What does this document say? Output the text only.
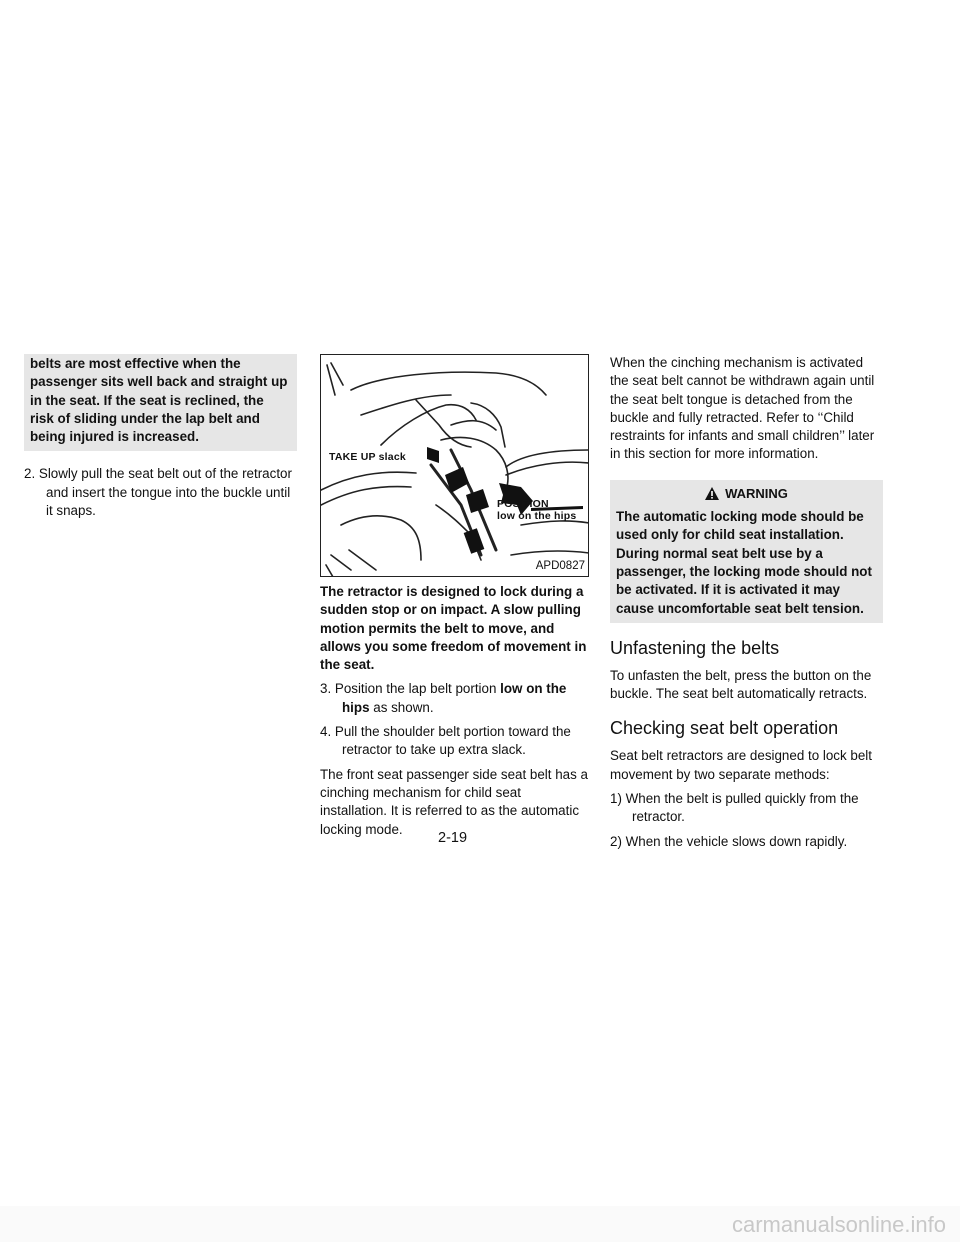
belts are most effective when the passenger sits well back and straight up in the seat. If the seat is reclined, the risk of sliding under the lap belt and being injured is increased.

2. Slowly pull the seat belt out of the retractor and insert the tongue into the buckle until it snaps.

TAKE UP slack
POSITION
low on the hips
APD0827

The retractor is designed to lock during a sudden stop or on impact. A slow pulling motion permits the belt to move, and allows you some freedom of movement in the seat.

3. Position the lap belt portion low on the hips as shown.

4. Pull the shoulder belt portion toward the retractor to take up extra slack.

The front seat passenger side seat belt has a cinching mechanism for child seat installation. It is referred to as the automatic locking mode.

When the cinching mechanism is activated the seat belt cannot be withdrawn again until the seat belt tongue is detached from the buckle and fully retracted. Refer to ‘‘Child restraints for infants and small children’’ later in this section for more information.

WARNING
The automatic locking mode should be used only for child seat installation. During normal seat belt use by a passenger, the locking mode should not be activated. If it is activated it may cause uncomfortable seat belt tension.
Unfastening the belts

To unfasten the belt, press the button on the buckle. The seat belt automatically retracts.

Checking seat belt operation

Seat belt retractors are designed to lock belt movement by two separate methods:

1) When the belt is pulled quickly from the retractor.

2) When the vehicle slows down rapidly.

2-19
carmanualsonline.info
